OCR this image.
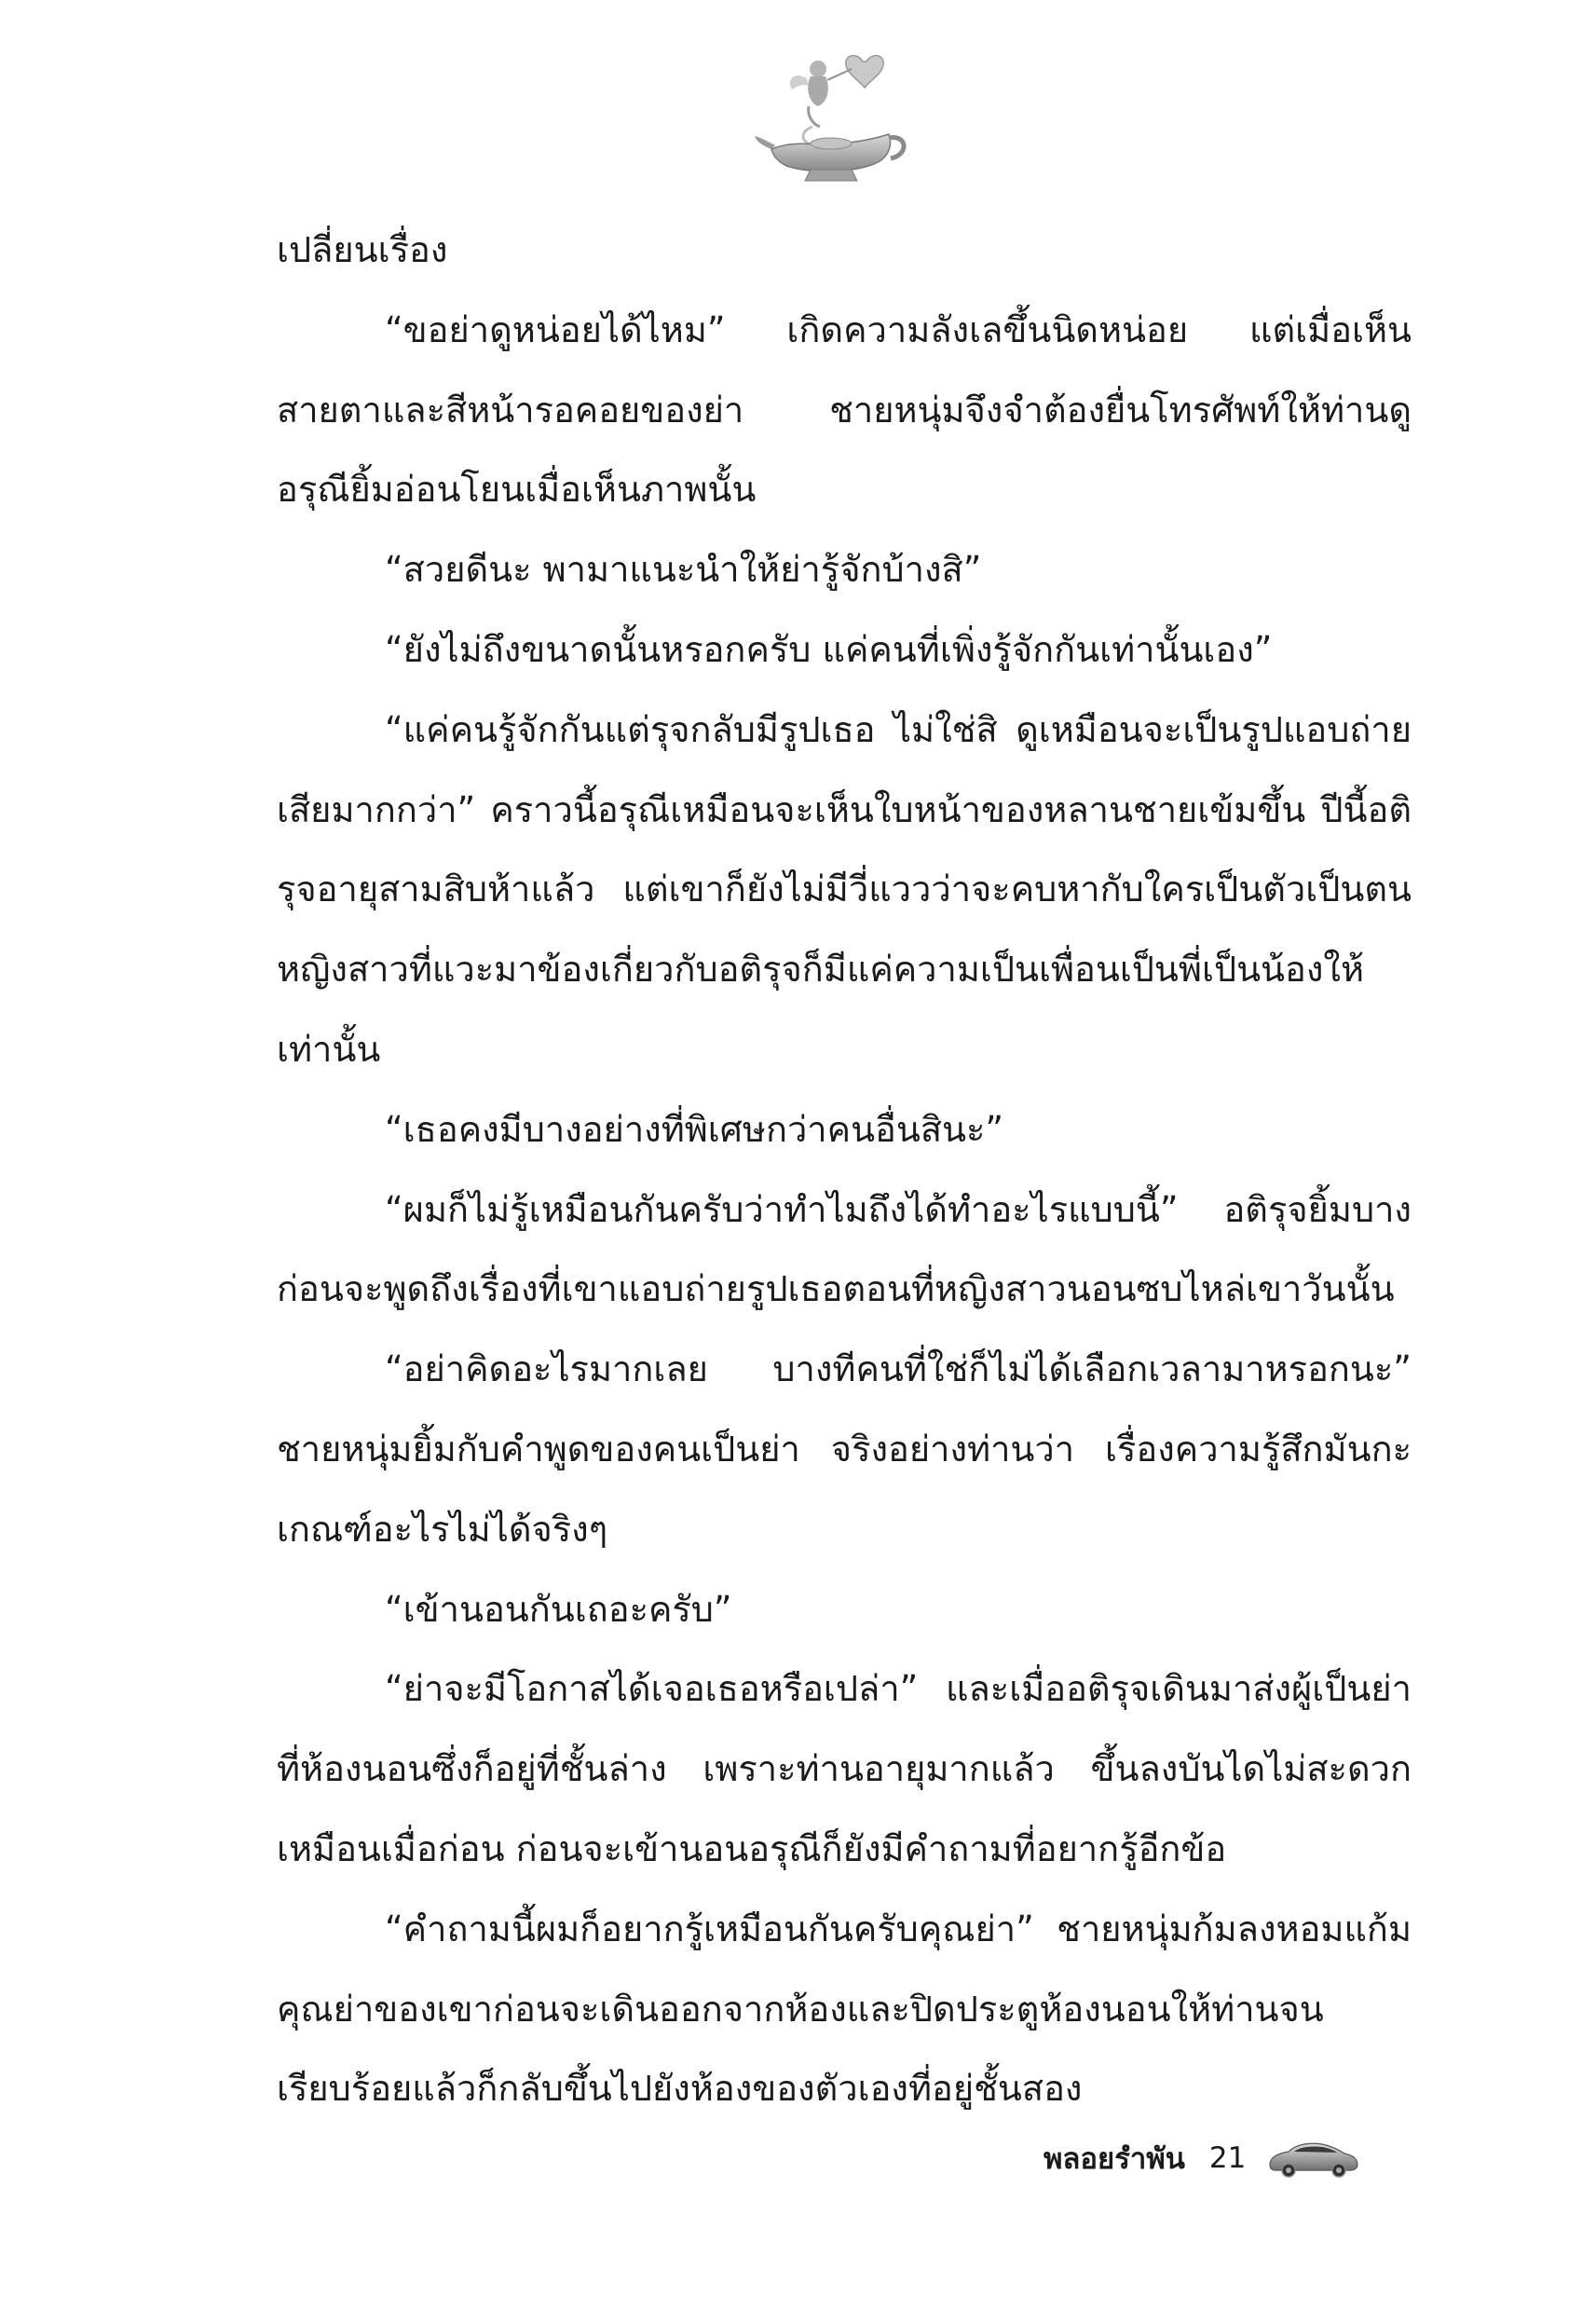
เปลี่ยนเรื่อง

“ขอย่าดูหน่อยได้ไหม” เกิดความลังเลขึ้นนิดหน่อย แต่เมื่อเห็นสายตาและสีหน้ารอคอยของย่า ชายหนุ่มจึงจำต้องยื่นโทรศัพท์ให้ท่านดู อรุณียิ้มอ่อนโยนเมื่อเห็นภาพนั้น

“สวยดีนะ พามาแนะนำให้ย่ารู้จักบ้างสิ”

“ยังไม่ถึงขนาดนั้นหรอกครับ แค่คนที่เพิ่งรู้จักกันเท่านั้นเอง”

“แค่คนรู้จักกันแต่รุจกลับมีรูปเธอ ไม่ใช่สิ ดูเหมือนจะเป็นรูปแอบถ่ายเสียมากกว่า” คราวนี้อรุณีเหมือนจะเห็นใบหน้าของหลานชายเข้มขึ้น ปีนี้อติรุจอายุสามสิบห้าแล้ว แต่เขาก็ยังไม่มีวี่แววว่าจะคบหากับใครเป็นตัวเป็นตน หญิงสาวที่แวะมาข้องเกี่ยวกับอติรุจก็มีแค่ความเป็นเพื่อนเป็นพี่เป็นน้องให้เท่านั้น

“เธอคงมีบางอย่างที่พิเศษกว่าคนอื่นสินะ”

“ผมก็ไม่รู้เหมือนกันครับว่าทำไมถึงได้ทำอะไรแบบนี้” อติรุจยิ้มบางก่อนจะพูดถึงเรื่องที่เขาแอบถ่ายรูปเธอตอนที่หญิงสาวนอนซบไหล่เขาวันนั้น

“อย่าคิดอะไรมากเลย บางทีคนที่ใช่ก็ไม่ได้เลือกเวลามาหรอกนะ” ชายหนุ่มยิ้มกับคำพูดของคนเป็นย่า จริงอย่างท่านว่า เรื่องความรู้สึกมันกะเกณฑ์อะไรไม่ได้จริงๆ

“เข้านอนกันเถอะครับ”

“ย่าจะมีโอกาสได้เจอเธอหรือเปล่า” และเมื่ออติรุจเดินมาส่งผู้เป็นย่าที่ห้องนอนซึ่งก็อยู่ที่ชั้นล่าง เพราะท่านอายุมากแล้ว ขึ้นลงบันไดไม่สะดวกเหมือนเมื่อก่อน ก่อนจะเข้านอนอรุณีก็ยังมีคำถามที่อยากรู้อีกข้อ

“คำถามนี้ผมก็อยากรู้เหมือนกันครับคุณย่า” ชายหนุ่มก้มลงหอมแก้มคุณย่าของเขาก่อนจะเดินออกจากห้องและปิดประตูห้องนอนให้ท่านจนเรียบร้อยแล้วก็กลับขึ้นไปยังห้องของตัวเองที่อยู่ชั้นสอง

พลอยรำพัน 21
